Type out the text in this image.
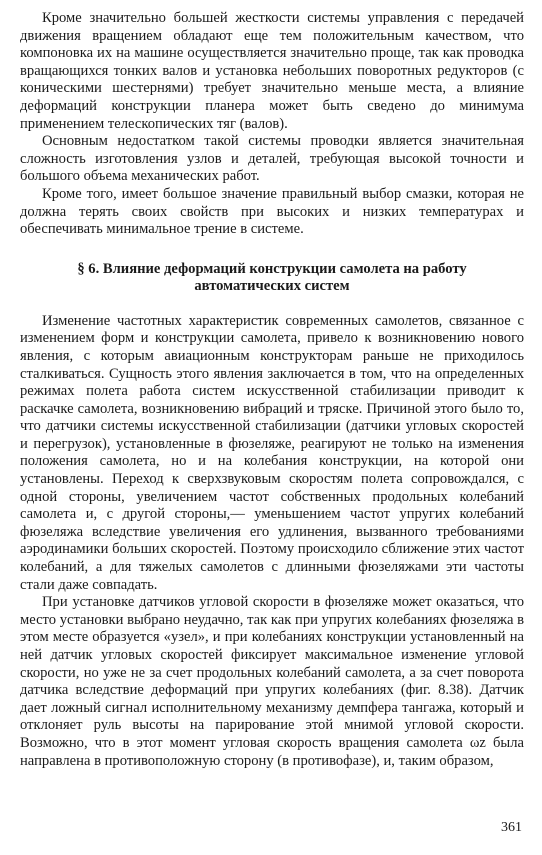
Кроме значительно большей жесткости системы управления с передачей движения вращением обладают еще тем положительным качеством, что компоновка их на машине осуществляется значительно проще, так как проводка вращающихся тонких валов и установка небольших поворотных редукторов (с коническими шестернями) требует значительно меньше места, а влияние деформаций конструкции планера может быть сведено до минимума применением телескопических тяг (валов).

Основным недостатком такой системы проводки является значительная сложность изготовления узлов и деталей, требующая высокой точности и большого объема механических работ.

Кроме того, имеет большое значение правильный выбор смазки, которая не должна терять своих свойств при высоких и низких температурах и обеспечивать минимальное трение в системе.

§ 6. Влияние деформаций конструкции самолета на работу автоматических систем

Изменение частотных характеристик современных самолетов, связанное с изменением форм и конструкции самолета, привело к возникновению нового явления, с которым авиационным конструкторам раньше не приходилось сталкиваться. Сущность этого явления заключается в том, что на определенных режимах полета работа систем искусственной стабилизации приводит к раскачке самолета, возникновению вибраций и тряске. Причиной этого было то, что датчики системы искусственной стабилизации (датчики угловых скоростей и перегрузок), установленные в фюзеляже, реагируют не только на изменения положения самолета, но и на колебания конструкции, на которой они установлены. Переход к сверхзвуковым скоростям полета сопровождался, с одной стороны, увеличением частот собственных продольных колебаний самолета и, с другой стороны,— уменьшением частот упругих колебаний фюзеляжа вследствие увеличения его удлинения, вызванного требованиями аэродинамики больших скоростей. Поэтому происходило сближение этих частот колебаний, а для тяжелых самолетов с длинными фюзеляжами эти частоты стали даже совпадать.

При установке датчиков угловой скорости в фюзеляже может оказаться, что место установки выбрано неудачно, так как при упругих колебаниях фюзеляжа в этом месте образуется «узел», и при колебаниях конструкции установленный на ней датчик угловых скоростей фиксирует максимальное изменение угловой скорости, но уже не за счет продольных колебаний самолета, а за счет поворота датчика вследствие деформаций при упругих колебаниях (фиг. 8.38). Датчик дает ложный сигнал исполнительному механизму демпфера тангажа, который и отклоняет руль высоты на парирование этой мнимой угловой скорости. Возможно, что в этот момент угловая скорость вращения самолета ωz была направлена в противоположную сторону (в противофазе), и, таким образом,

361
